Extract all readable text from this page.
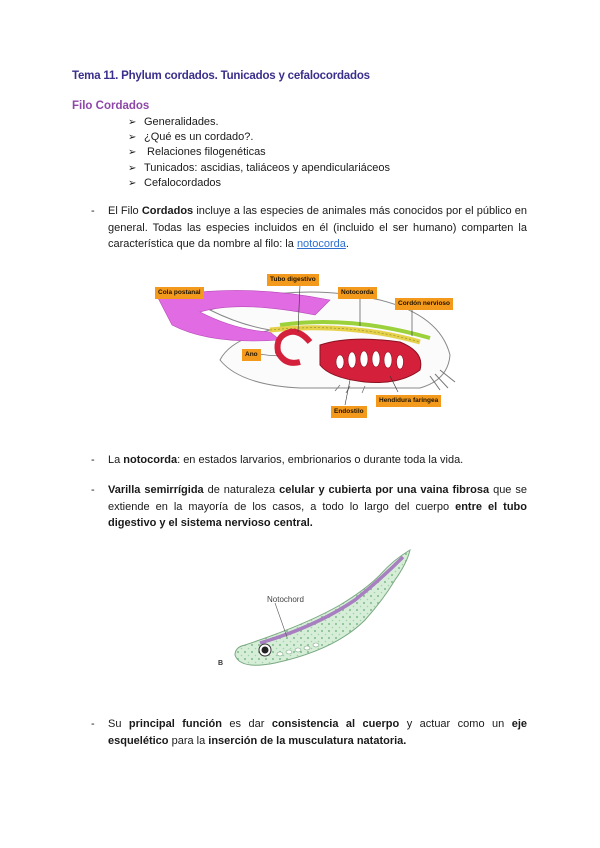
Tema 11. Phylum cordados. Tunicados y cefalocordados
Filo Cordados
➢ Generalidades.
➢ ¿Qué es un cordado?.
➢ Relaciones filogenéticas
➢ Tunicados: ascidias, taliáceos y apendiculariáceos
➢ Cefalocordados
- El Filo Cordados incluye a las especies de animales más conocidos por el público en general. Todas las especies incluidos en él (incluido el ser humano) comparten la característica que da nombre al filo: la notocorda.
Cola postanal
Tubo digestivo
Notocorda
Cordón nervioso
Ano
Endostilo
Hendidura faríngea
- La notocorda: en estados larvarios, embrionarios o durante toda la vida.
- Varilla semirrígida de naturaleza celular y cubierta por una vaina fibrosa que se extiende en la mayoría de los casos, a todo lo largo del cuerpo entre el tubo digestivo y el sistema nervioso central.
Notochord
B
- Su principal función es dar consistencia al cuerpo y actuar como un eje esquelético para la inserción de la musculatura natatoria.
